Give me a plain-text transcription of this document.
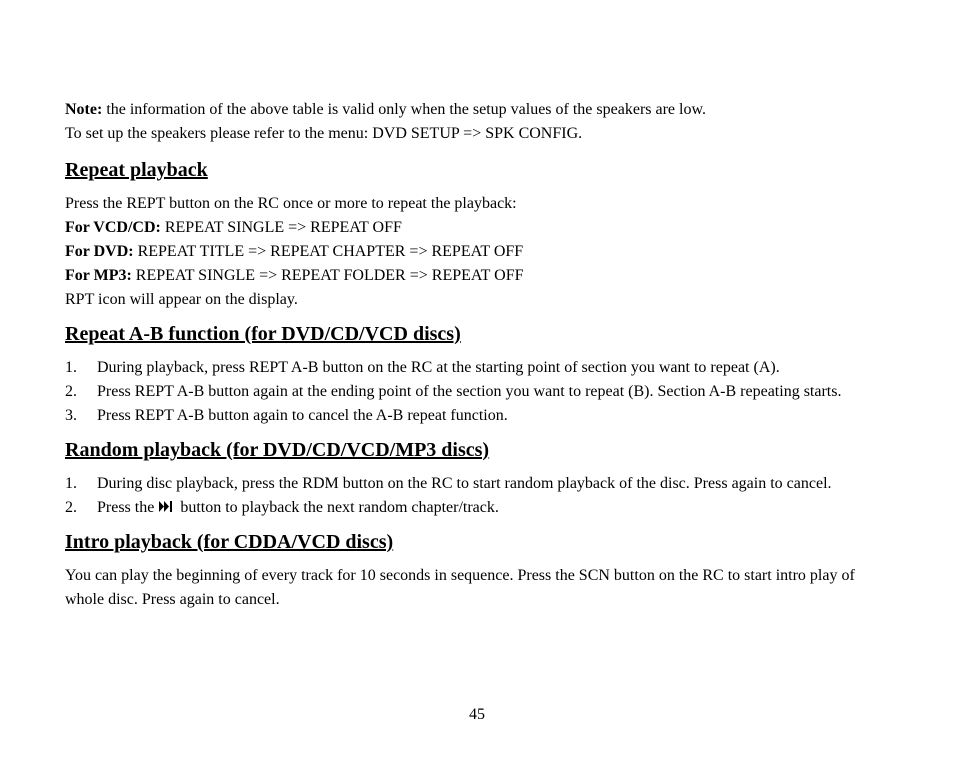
Note: the information of the above table is valid only when the setup values of the speakers are low.

To set up the speakers please refer to the menu: DVD SETUP => SPK CONFIG.

Repeat playback

Press the REPT button on the RC once or more to repeat the playback:

For VCD/CD: REPEAT SINGLE => REPEAT OFF

For DVD: REPEAT TITLE => REPEAT CHAPTER => REPEAT OFF

For MP3: REPEAT SINGLE => REPEAT FOLDER => REPEAT OFF

RPT icon will appear on the display.

Repeat A-B function (for DVD/CD/VCD discs)
1. During playback, press REPT A-B button on the RC at the starting point of section you want to repeat (A).
2. Press REPT A-B button again at the ending point of the section you want to repeat (B). Section A-B repeating starts.
3. Press REPT A-B button again to cancel the A-B repeat function.
Random playback (for DVD/CD/VCD/MP3 discs)
1. During disc playback, press the RDM button on the RC to start random playback of the disc. Press again to cancel.
2. Press the  button to playback the next random chapter/track.
Intro playback (for CDDA/VCD discs)

You can play the beginning of every track for 10 seconds in sequence. Press the SCN button on the RC to start intro play of whole disc. Press again to cancel.

45
